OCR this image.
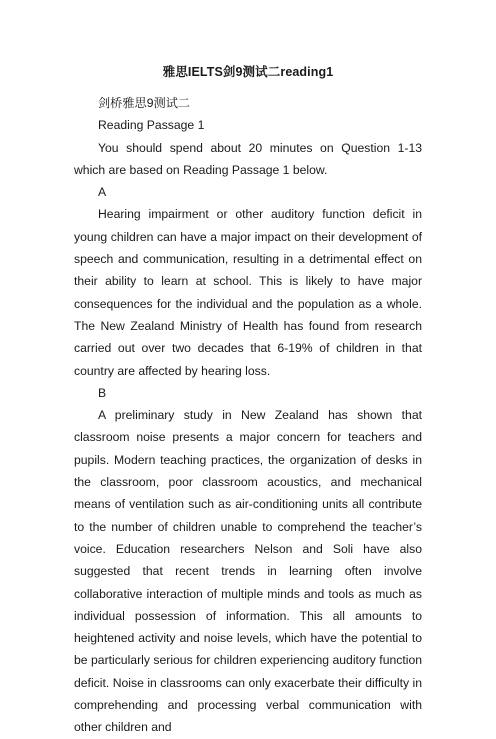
雅思IELTS剑9测试二reading1

剑桥雅思9测试二

Reading Passage 1

You should spend about 20 minutes on Question 1-13 which are based on Reading Passage 1 below.

A

Hearing impairment or other auditory function deficit in young children can have a major impact on their development of speech and communication, resulting in a detrimental effect on their ability to learn at school. This is likely to have major consequences for the individual and the population as a whole. The New Zealand Ministry of Health has found from research carried out over two decades that 6-19% of children in that country are affected by hearing loss.

B

A preliminary study in New Zealand has shown that classroom noise presents a major concern for teachers and pupils. Modern teaching practices, the organization of desks in the classroom, poor classroom acoustics, and mechanical means of ventilation such as air-conditioning units all contribute to the number of children unable to comprehend the teacher’s voice. Education researchers Nelson and Soli have also suggested that recent trends in learning often involve collaborative interaction of multiple minds and tools as much as individual possession of information. This all amounts to heightened activity and noise levels, which have the potential to be particularly serious for children experiencing auditory function deficit. Noise in classrooms can only exacerbate their difficulty in comprehending and processing verbal communication with other children and
